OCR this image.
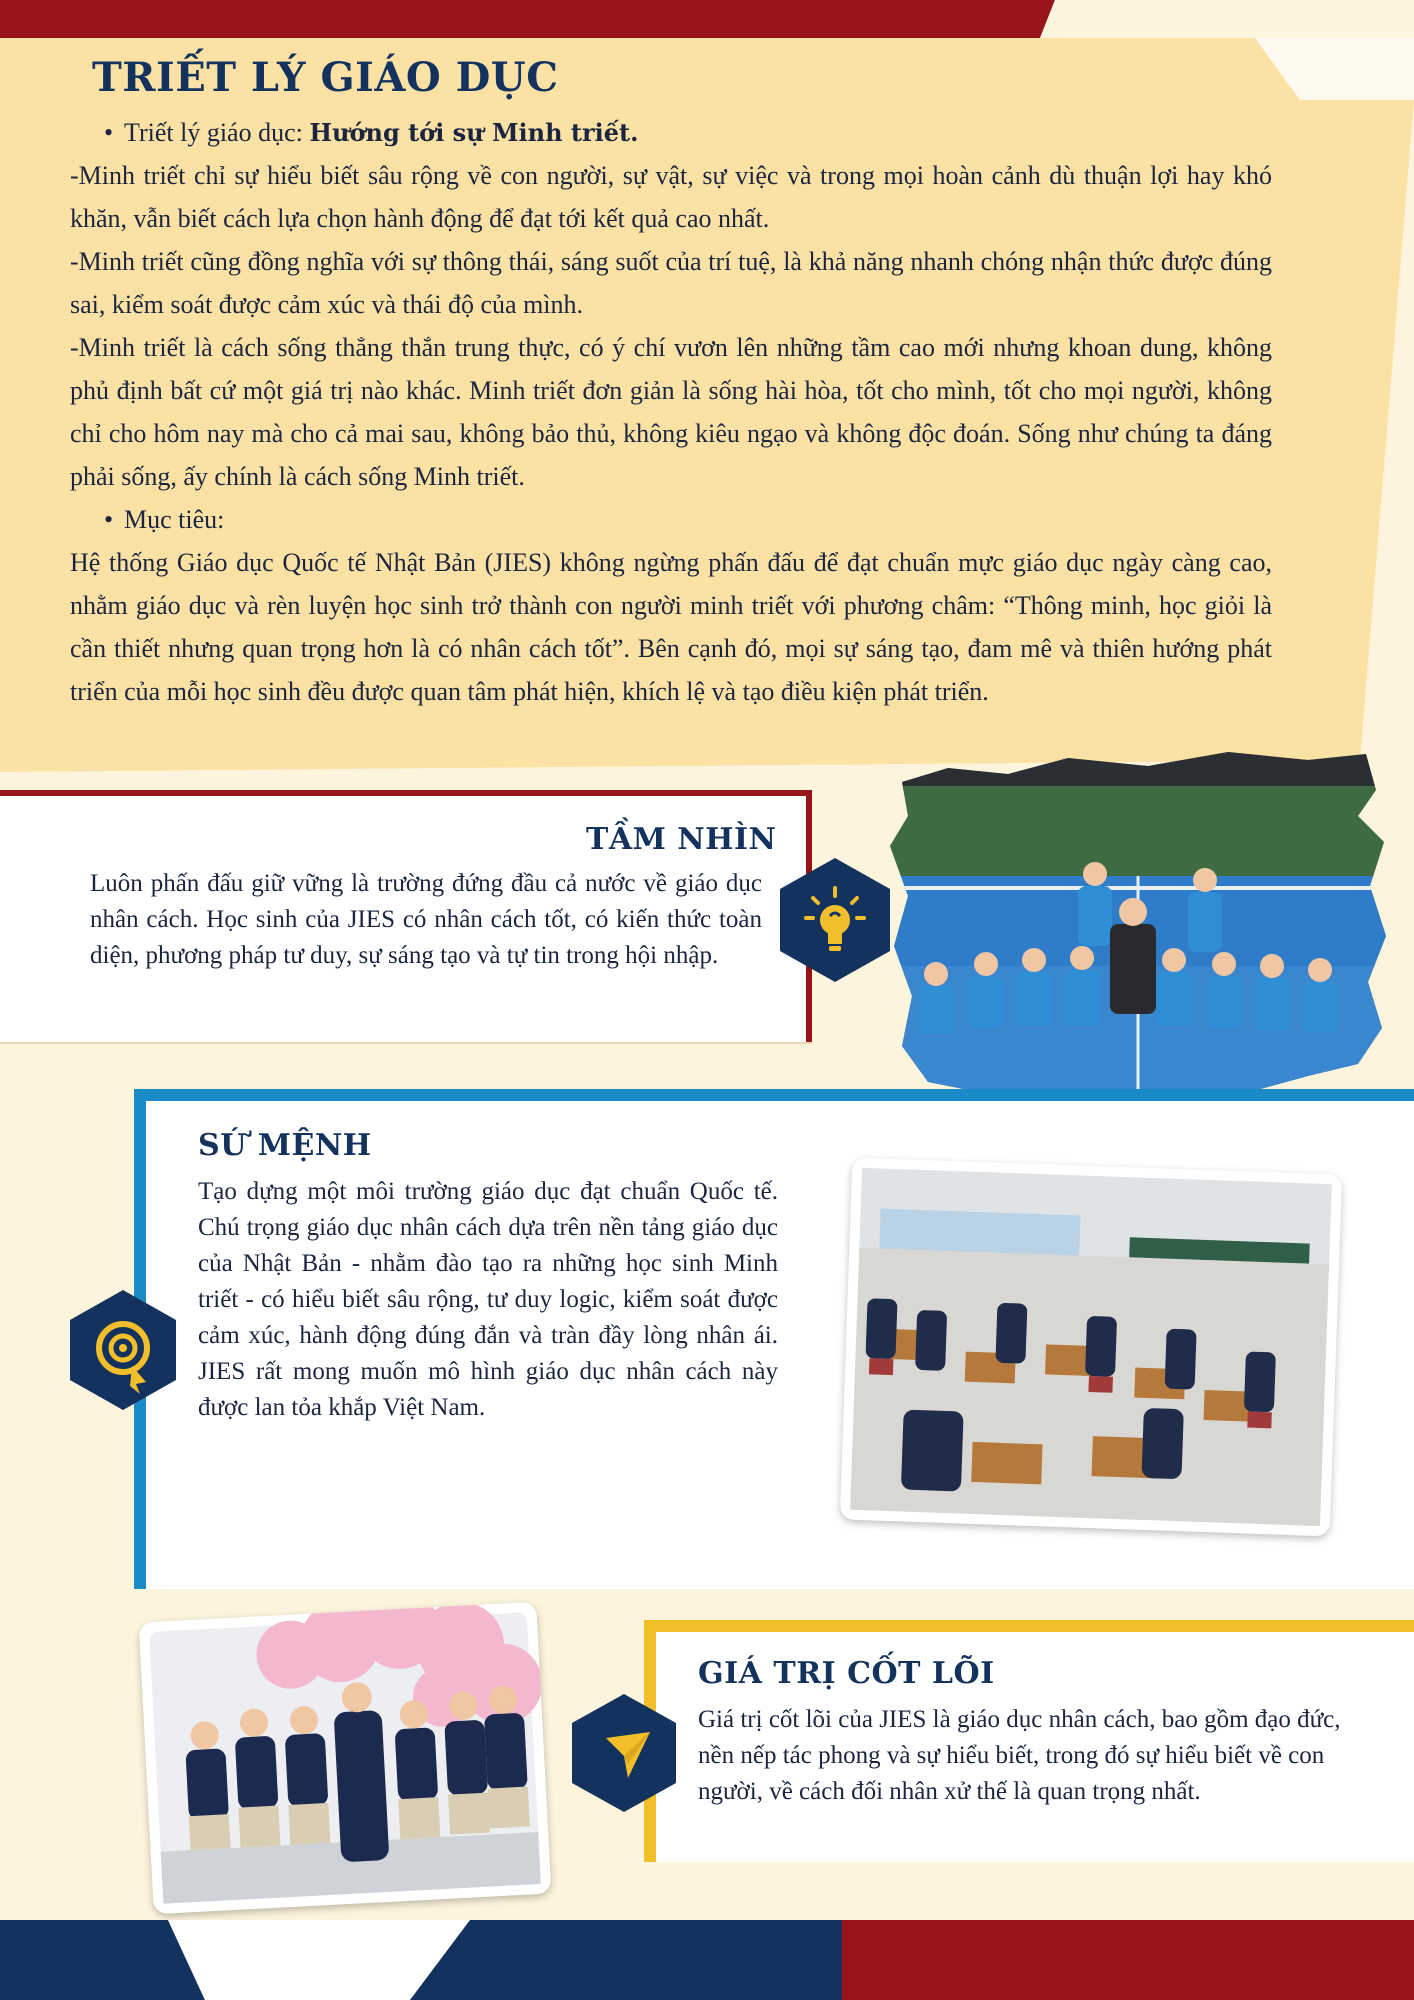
TRIẾT LÝ GIÁO DỤC

• Triết lý giáo dục: Hướng tới sự Minh triết.

-Minh triết chỉ sự hiểu biết sâu rộng về con người, sự vật, sự việc và trong mọi hoàn cảnh dù thuận lợi hay khó khăn, vẫn biết cách lựa chọn hành động để đạt tới kết quả cao nhất.

-Minh triết cũng đồng nghĩa với sự thông thái, sáng suốt của trí tuệ, là khả năng nhanh chóng nhận thức được đúng sai, kiểm soát được cảm xúc và thái độ của mình.

-Minh triết là cách sống thẳng thắn trung thực, có ý chí vươn lên những tầm cao mới nhưng khoan dung, không phủ định bất cứ một giá trị nào khác. Minh triết đơn giản là sống hài hòa, tốt cho mình, tốt cho mọi người, không chỉ cho hôm nay mà cho cả mai sau, không bảo thủ, không kiêu ngạo và không độc đoán. Sống như chúng ta đáng phải sống, ấy chính là cách sống Minh triết.

• Mục tiêu:

Hệ thống Giáo dục Quốc tế Nhật Bản (JIES) không ngừng phấn đấu để đạt chuẩn mực giáo dục ngày càng cao, nhằm giáo dục và rèn luyện học sinh trở thành con người minh triết với phương châm: “Thông minh, học giỏi là cần thiết nhưng quan trọng hơn là có nhân cách tốt”. Bên cạnh đó, mọi sự sáng tạo, đam mê và thiên hướng phát triển của mỗi học sinh đều được quan tâm phát hiện, khích lệ và tạo điều kiện phát triển.

TẦM NHÌN

Luôn phấn đấu giữ vững là trường đứng đầu cả nước về giáo dục nhân cách. Học sinh của JIES có nhân cách tốt, có kiến thức toàn diện, phương pháp tư duy, sự sáng tạo và tự tin trong hội nhập.

SỨ MỆNH

Tạo dựng một môi trường giáo dục đạt chuẩn Quốc tế. Chú trọng giáo dục nhân cách dựa trên nền tảng giáo dục của Nhật Bản - nhằm đào tạo ra những học sinh Minh triết - có hiểu biết sâu rộng, tư duy logic, kiểm soát được cảm xúc, hành động đúng đắn và tràn đầy lòng nhân ái. JIES rất mong muốn mô hình giáo dục nhân cách này được lan tỏa khắp Việt Nam.

GIÁ TRỊ CỐT LÕI

Giá trị cốt lõi của JIES là giáo dục nhân cách, bao gồm đạo đức, nền nếp tác phong và sự hiểu biết, trong đó sự hiểu biết về con người, về cách đối nhân xử thế là quan trọng nhất.
